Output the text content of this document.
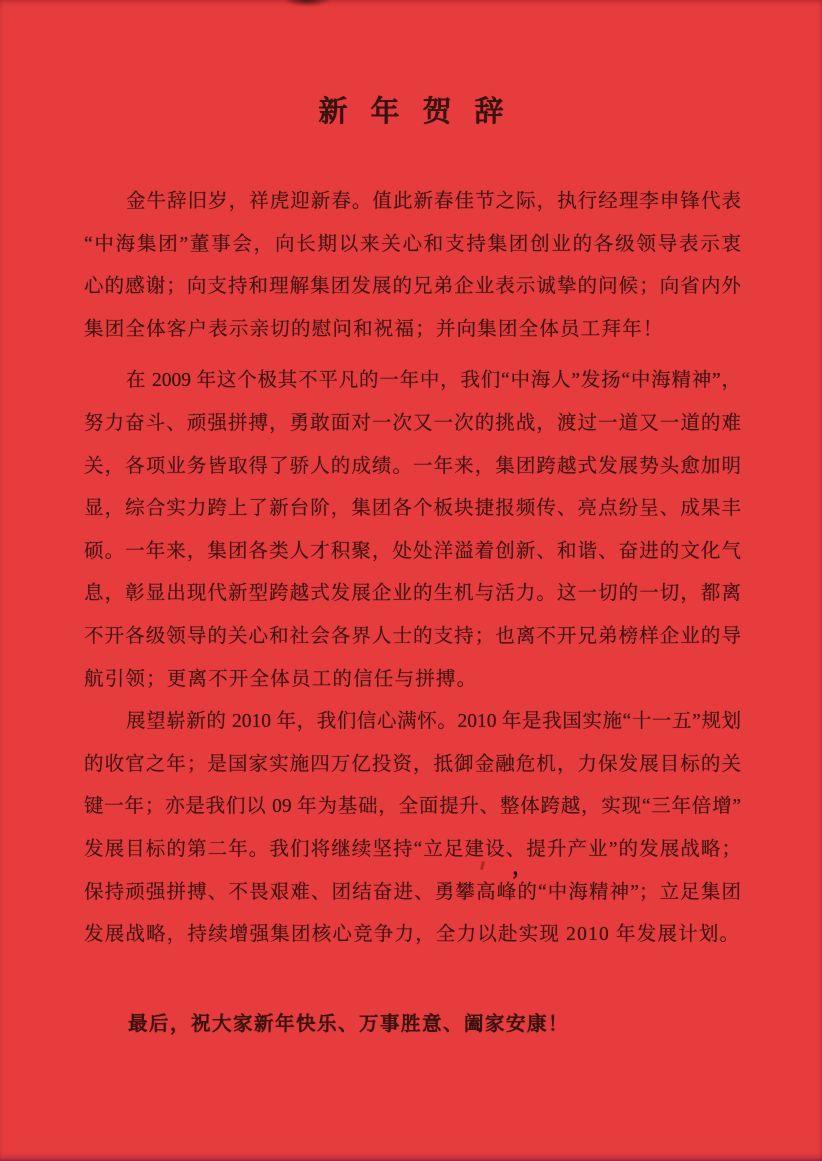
新年贺辞
金牛辞旧岁，祥虎迎新春。值此新春佳节之际，执行经理李申锋代表
“中海集团”董事会，向长期以来关心和支持集团创业的各级领导表示衷
心的感谢；向支持和理解集团发展的兄弟企业表示诚挚的问候；向省内外
集团全体客户表示亲切的慰问和祝福；并向集团全体员工拜年！
在 2009 年这个极其不平凡的一年中，我们“中海人”发扬“中海精神”，
努力奋斗、顽强拼搏，勇敢面对一次又一次的挑战，渡过一道又一道的难
关，各项业务皆取得了骄人的成绩。一年来，集团跨越式发展势头愈加明
显，综合实力跨上了新台阶，集团各个板块捷报频传、亮点纷呈、成果丰
硕。一年来，集团各类人才积聚，处处洋溢着创新、和谐、奋进的文化气
息，彰显出现代新型跨越式发展企业的生机与活力。这一切的一切，都离
不开各级领导的关心和社会各界人士的支持；也离不开兄弟榜样企业的导
航引领；更离不开全体员工的信任与拼搏。
展望崭新的 2010 年，我们信心满怀。2010 年是我国实施“十一五”规划
的收官之年；是国家实施四万亿投资，抵御金融危机，力保发展目标的关
键一年；亦是我们以 09 年为基础，全面提升、整体跨越，实现“三年倍增”
发展目标的第二年。我们将继续坚持“立足建设、提升产业”的发展战略；
保持顽强拼搏、不畏艰难、团结奋进、勇攀高峰的“中海精神”；立足集团
发展战略，持续增强集团核心竞争力，全力以赴实现 2010 年发展计划。
最后，祝大家新年快乐、万事胜意、阖家安康！
，
